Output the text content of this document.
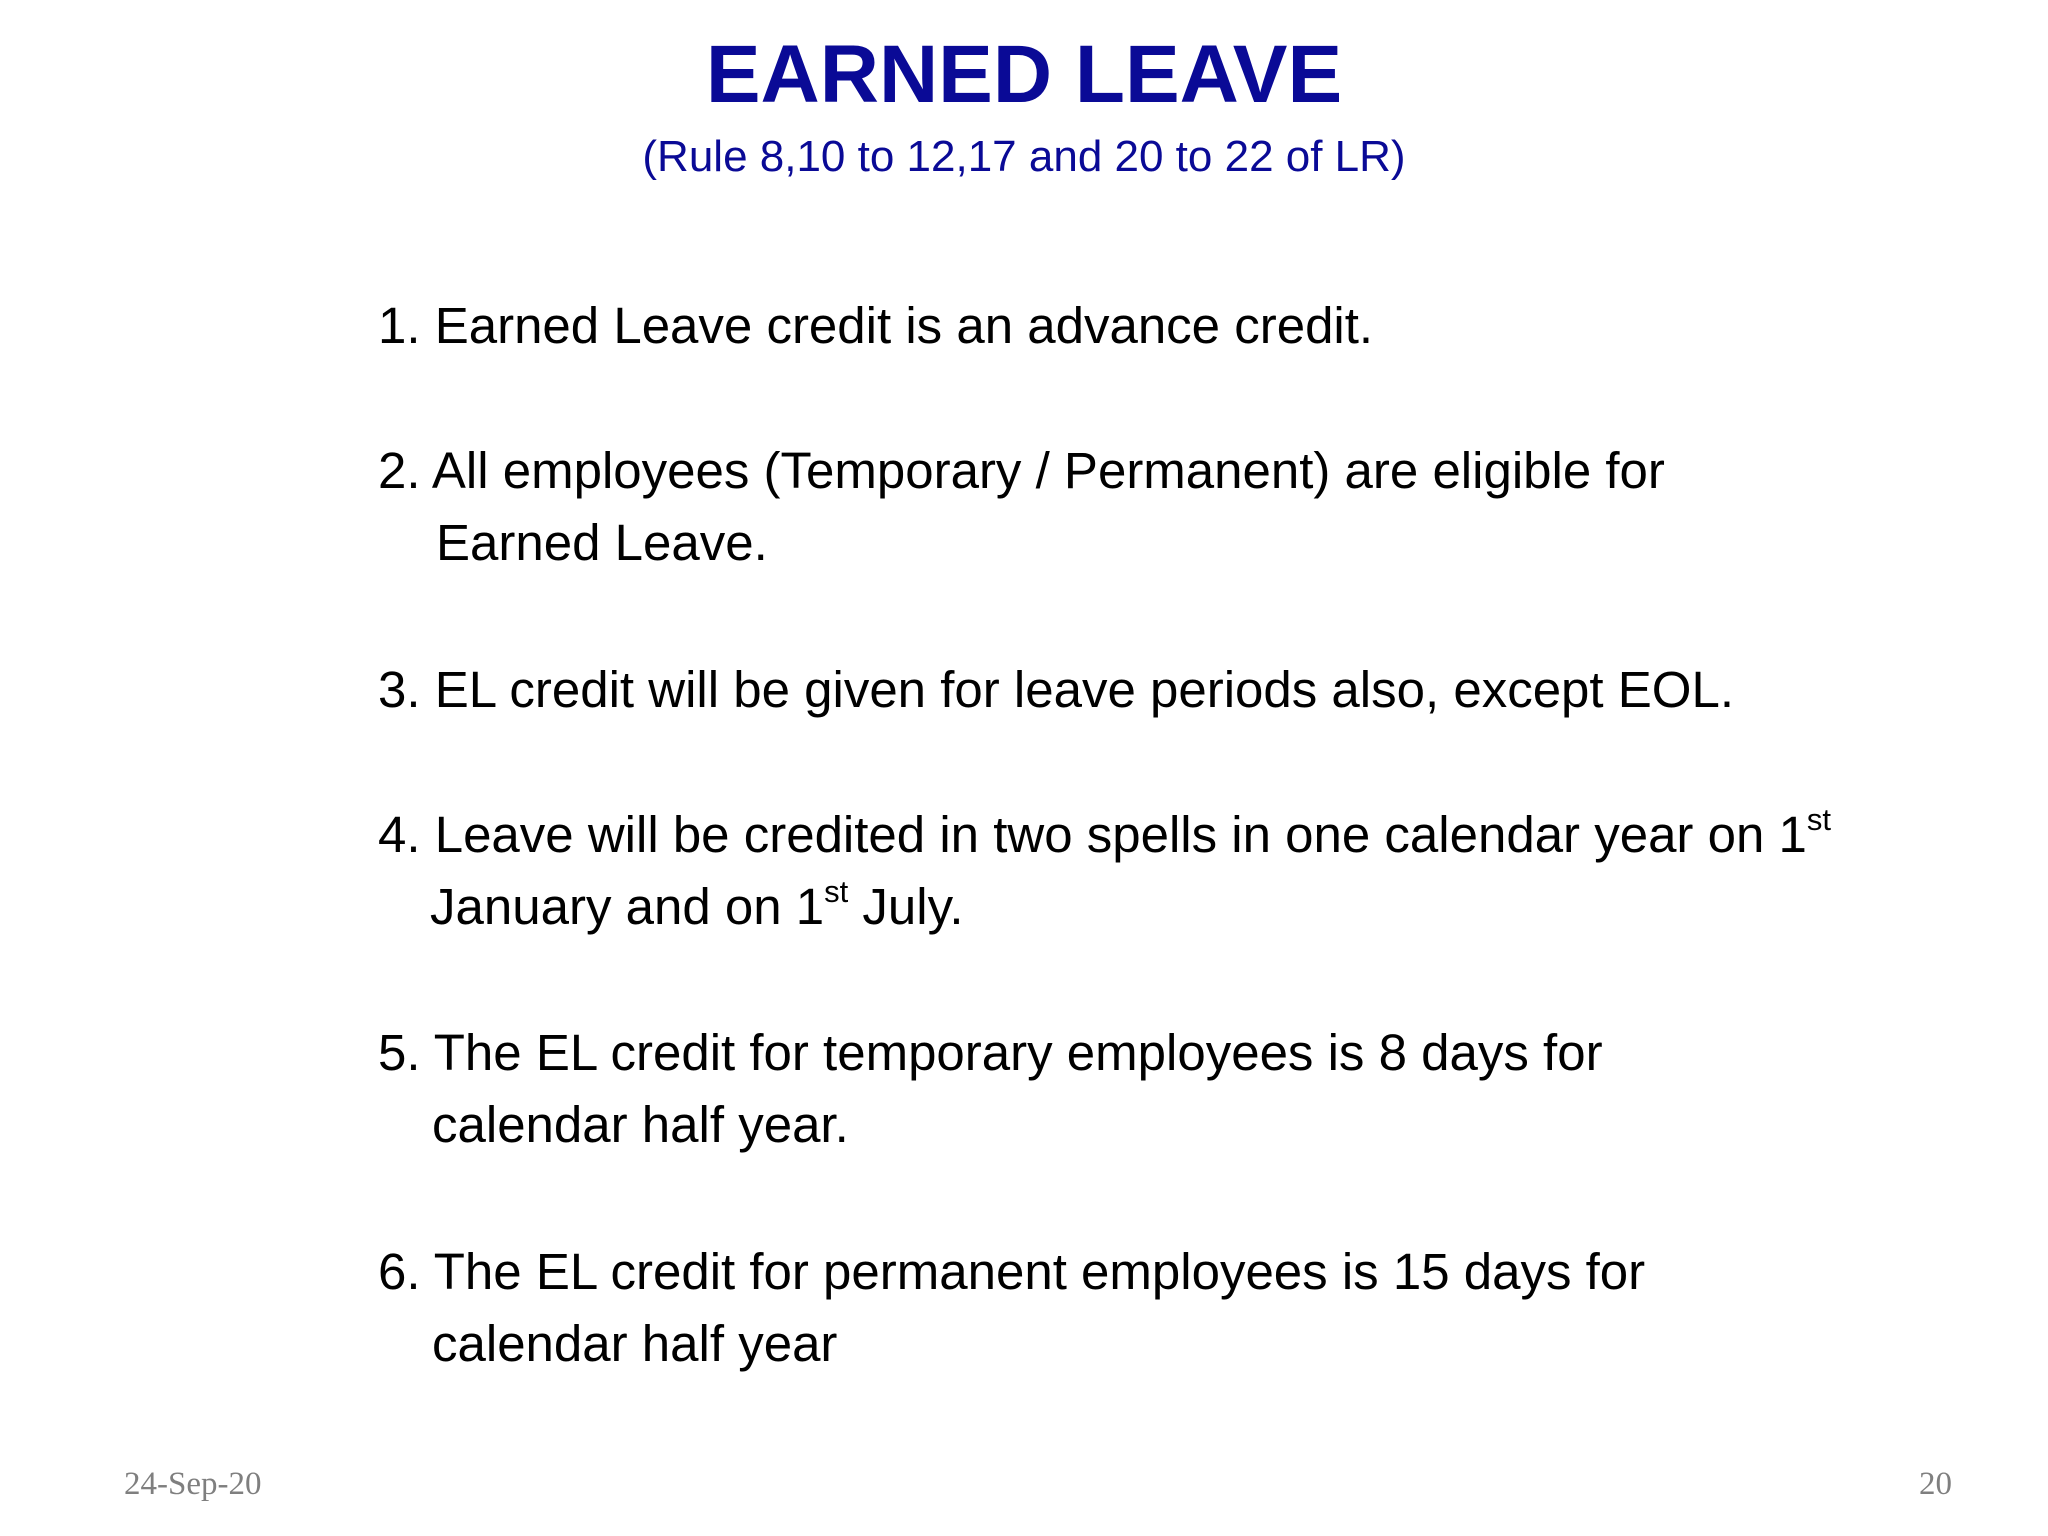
EARNED LEAVE
(Rule 8,10 to 12,17 and 20 to 22 of LR)
1. Earned Leave credit is an advance credit.
2. All employees (Temporary / Permanent) are eligible for
Earned Leave.
3. EL credit will be given for leave periods also, except EOL.
4. Leave will be credited in two spells in one calendar year on 1st
January and on 1st July.
5. The EL credit for temporary employees is 8 days for
calendar half year.
6. The EL credit for permanent employees is 15 days for
calendar half year
24-Sep-20	20
